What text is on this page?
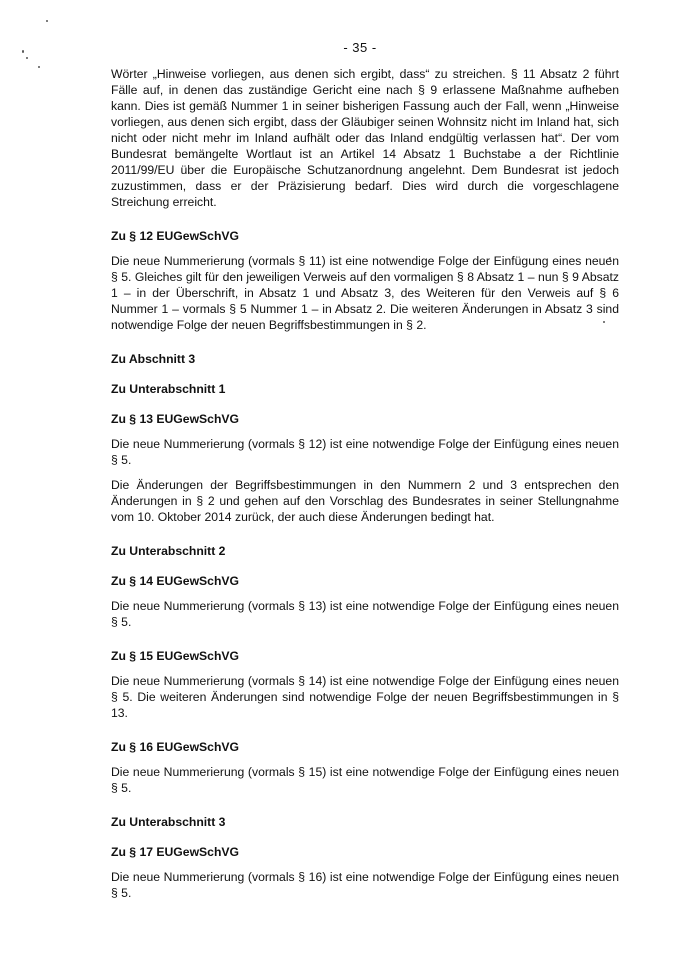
- 35 -

Wörter „Hinweise vorliegen, aus denen sich ergibt, dass“ zu streichen. § 11 Absatz 2 führt Fälle auf, in denen das zuständige Gericht eine nach § 9 erlassene Maßnahme aufheben kann. Dies ist gemäß Nummer 1 in seiner bisherigen Fassung auch der Fall, wenn „Hinweise vorliegen, aus denen sich ergibt, dass der Gläubiger seinen Wohnsitz nicht im Inland hat, sich nicht oder nicht mehr im Inland aufhält oder das Inland endgültig verlassen hat“. Der vom Bundesrat bemängelte Wortlaut ist an Artikel 14 Absatz 1 Buchstabe a der Richtlinie 2011/99/EU über die Europäische Schutzanordnung angelehnt. Dem Bundesrat ist jedoch zuzustimmen, dass er der Präzisierung bedarf. Dies wird durch die vorgeschlagene Streichung erreicht.

Zu § 12 EUGewSchVG

Die neue Nummerierung (vormals § 11) ist eine notwendige Folge der Einfügung eines neuen § 5. Gleiches gilt für den jeweiligen Verweis auf den vormaligen § 8 Absatz 1 – nun § 9 Absatz 1 – in der Überschrift, in Absatz 1 und Absatz 3, des Weiteren für den Verweis auf § 6 Nummer 1 – vormals § 5 Nummer 1 – in Absatz 2. Die weiteren Änderungen in Absatz 3 sind notwendige Folge der neuen Begriffsbestimmungen in § 2.

Zu Abschnitt 3

Zu Unterabschnitt 1

Zu § 13 EUGewSchVG

Die neue Nummerierung (vormals § 12) ist eine notwendige Folge der Einfügung eines neuen § 5.

Die Änderungen der Begriffsbestimmungen in den Nummern 2 und 3 entsprechen den Änderungen in § 2 und gehen auf den Vorschlag des Bundesrates in seiner Stellungnahme vom 10. Oktober 2014 zurück, der auch diese Änderungen bedingt hat.

Zu Unterabschnitt 2

Zu § 14 EUGewSchVG

Die neue Nummerierung (vormals § 13) ist eine notwendige Folge der Einfügung eines neuen § 5.

Zu § 15 EUGewSchVG

Die neue Nummerierung (vormals § 14) ist eine notwendige Folge der Einfügung eines neuen § 5. Die weiteren Änderungen sind notwendige Folge der neuen Begriffsbestimmungen in § 13.

Zu § 16 EUGewSchVG

Die neue Nummerierung (vormals § 15) ist eine notwendige Folge der Einfügung eines neuen § 5.

Zu Unterabschnitt 3

Zu § 17 EUGewSchVG

Die neue Nummerierung (vormals § 16) ist eine notwendige Folge der Einfügung eines neuen § 5.
